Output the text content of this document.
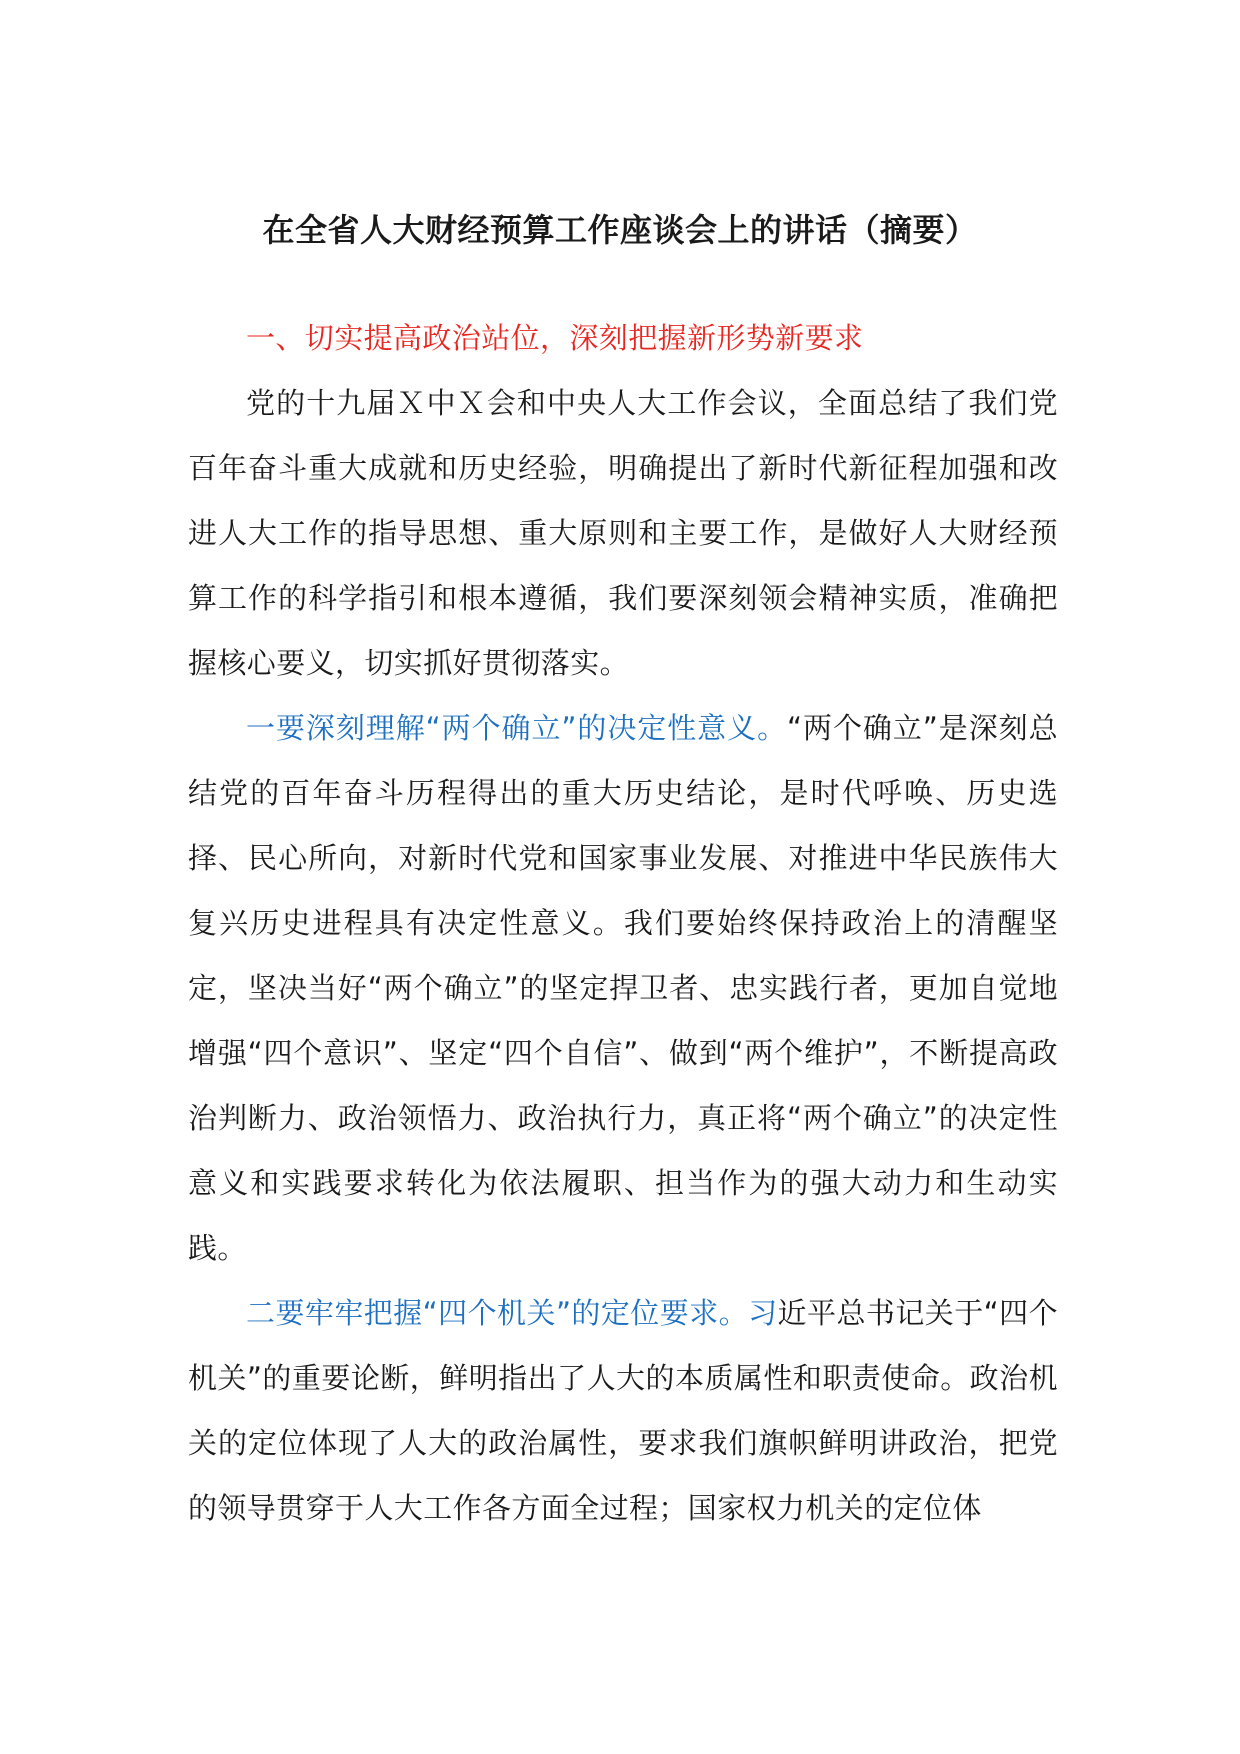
在全省人大财经预算工作座谈会上的讲话（摘要）

一、切实提高政治站位，深刻把握新形势新要求

党的十九届Ｘ中Ｘ会和中央人大工作会议，全面总结了我们党百年奋斗重大成就和历史经验，明确提出了新时代新征程加强和改进人大工作的指导思想、重大原则和主要工作，是做好人大财经预算工作的科学指引和根本遵循，我们要深刻领会精神实质，准确把握核心要义，切实抓好贯彻落实。

一要深刻理解“两个确立”的决定性意义。“两个确立”是深刻总结党的百年奋斗历程得出的重大历史结论，是时代呼唤、历史选择、民心所向，对新时代党和国家事业发展、对推进中华民族伟大复兴历史进程具有决定性意义。我们要始终保持政治上的清醒坚定，坚决当好“两个确立”的坚定捍卫者、忠实践行者，更加自觉地增强“四个意识”、坚定“四个自信”、做到“两个维护”，不断提高政治判断力、政治领悟力、政治执行力，真正将“两个确立”的决定性意义和实践要求转化为依法履职、担当作为的强大动力和生动实践。

二要牢牢把握“四个机关”的定位要求。习近平总书记关于“四个机关”的重要论断，鲜明指出了人大的本质属性和职责使命。政治机关的定位体现了人大的政治属性，要求我们旗帜鲜明讲政治，把党的领导贯穿于人大工作各方面全过程；国家权力机关的定位体
